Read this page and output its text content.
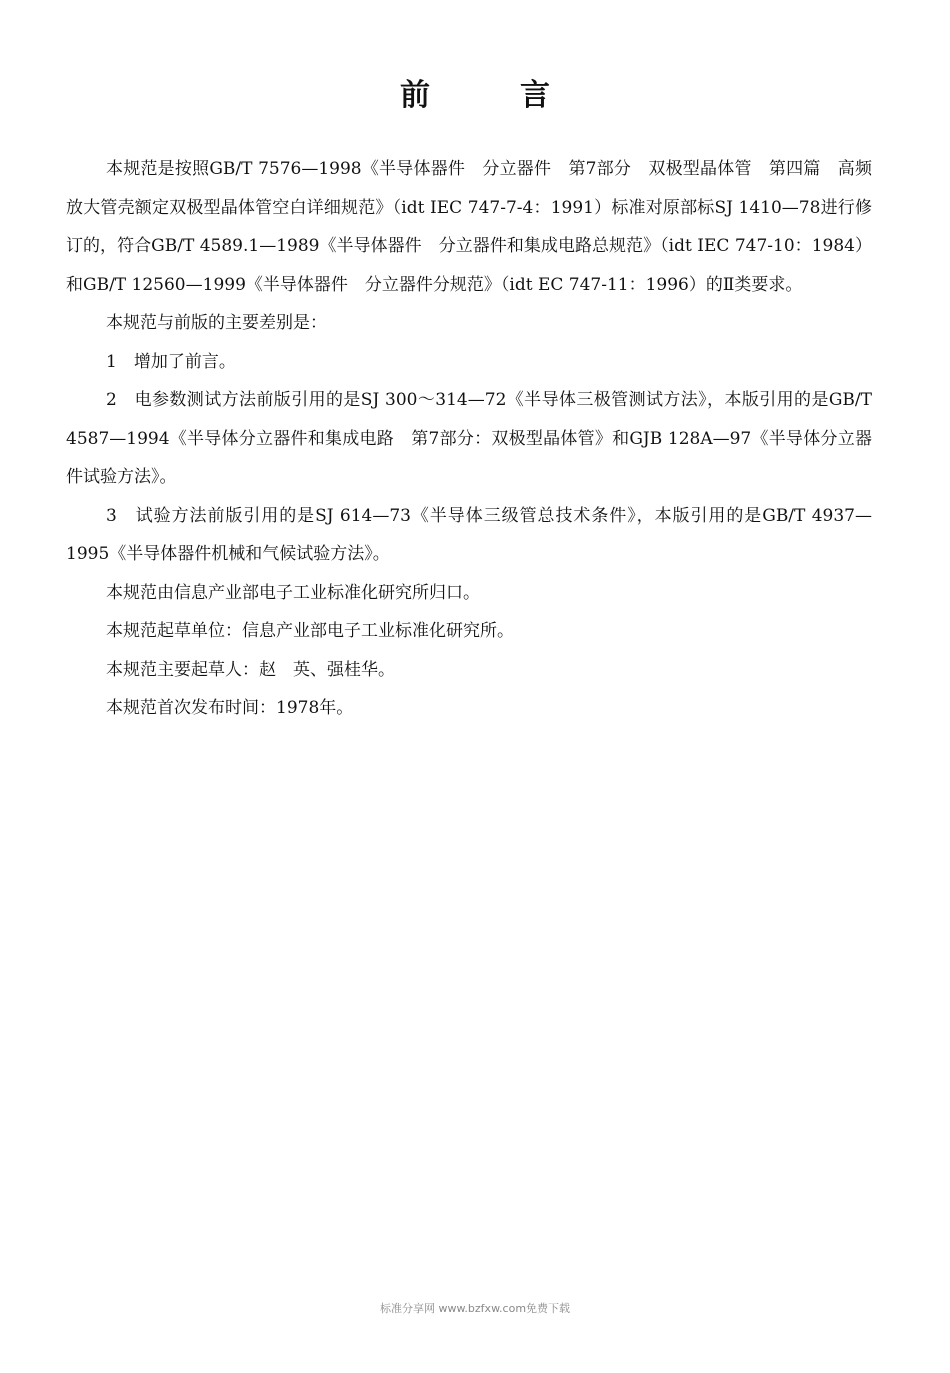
前	言

本规范是按照GB/T 7576—1998《半导体器件　分立器件　第7部分　双极型晶体管　第四篇　高频放大管壳额定双极型晶体管空白详细规范》（idt IEC 747-7-4：1991）标准对原部标SJ 1410—78进行修订的，符合GB/T 4589.1—1989《半导体器件　分立器件和集成电路总规范》（idt IEC 747-10：1984）和GB/T 12560—1999《半导体器件　分立器件分规范》（idt EC 747-11：1996）的Ⅱ类要求。

本规范与前版的主要差别是：

1　增加了前言。

2　电参数测试方法前版引用的是SJ 300～314—72《半导体三极管测试方法》，本版引用的是GB/T 4587—1994《半导体分立器件和集成电路　第7部分：双极型晶体管》和GJB 128A—97《半导体分立器件试验方法》。

3　试验方法前版引用的是SJ 614—73《半导体三级管总技术条件》，本版引用的是GB/T 4937—1995《半导体器件机械和气候试验方法》。

本规范由信息产业部电子工业标准化研究所归口。

本规范起草单位：信息产业部电子工业标准化研究所。

本规范主要起草人：赵　英、强桂华。

本规范首次发布时间：1978年。

标准分享网 www.bzfxw.com免费下载
